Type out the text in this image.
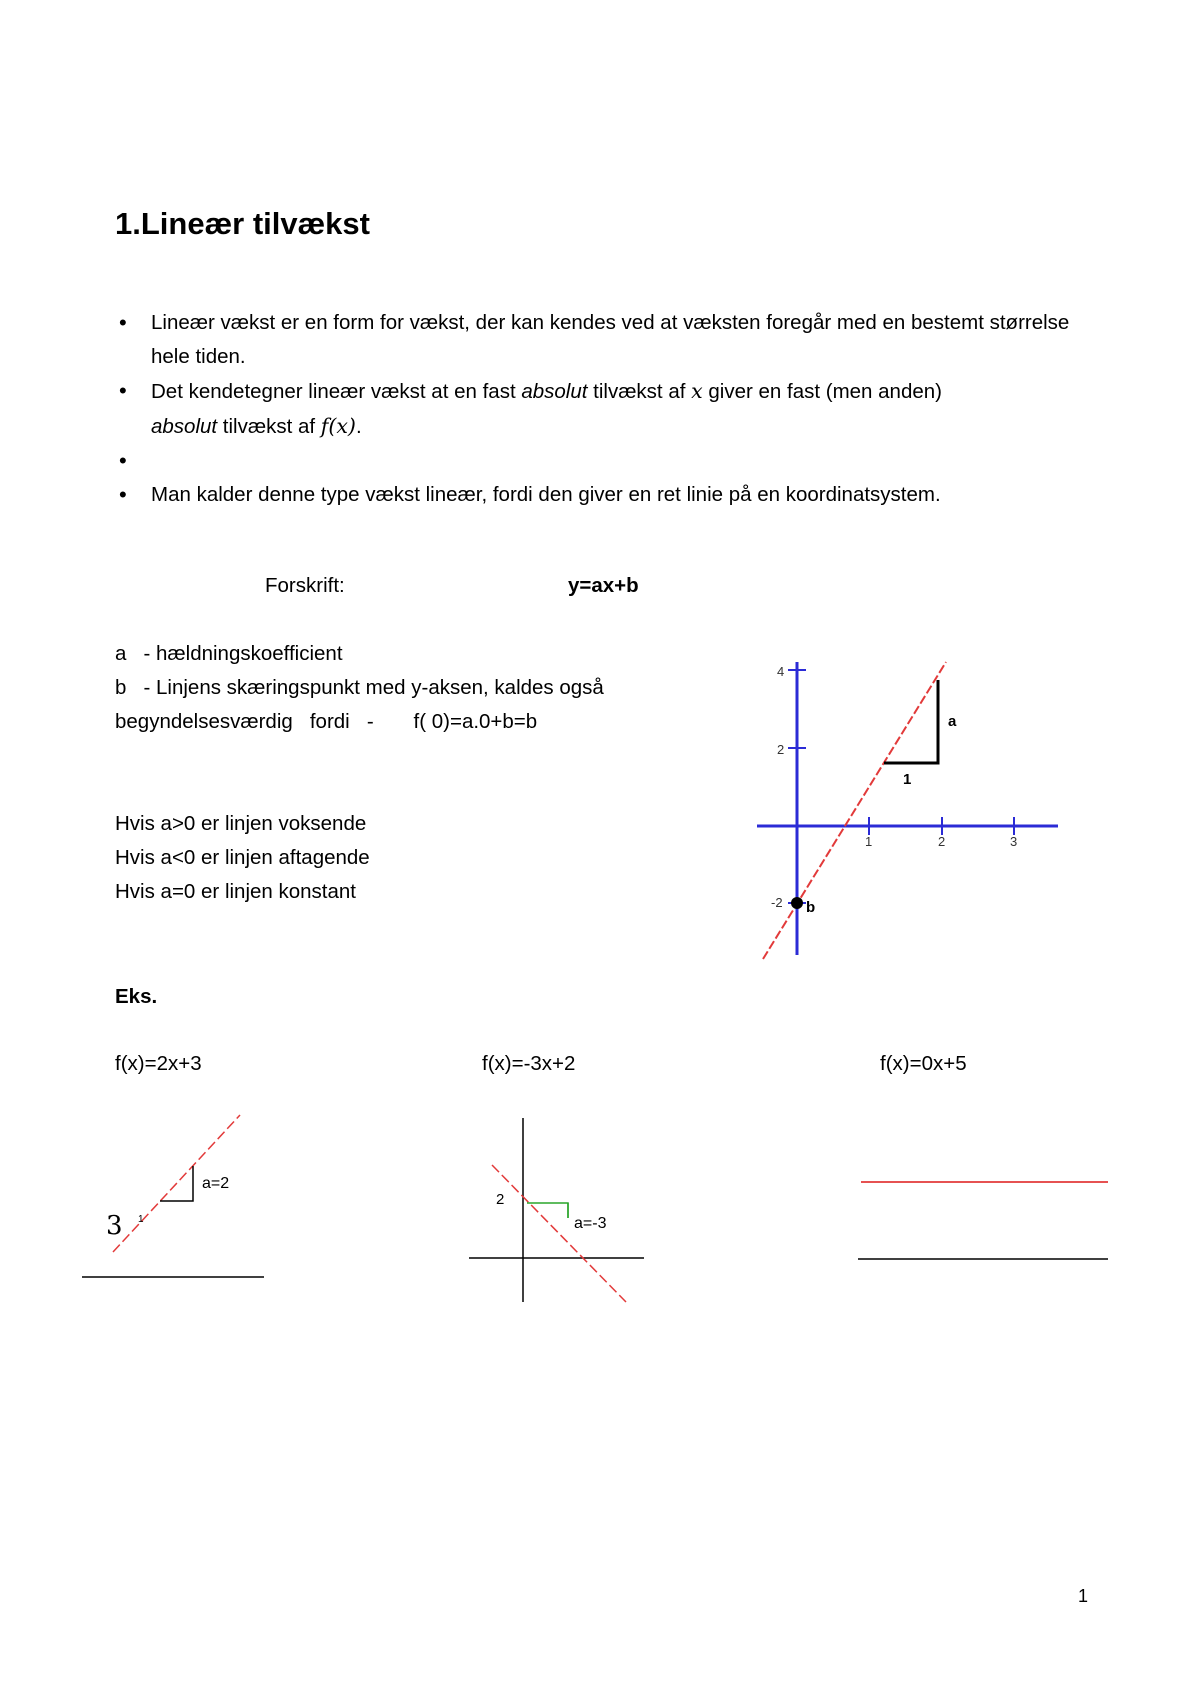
1.Lineær tilvækst
• Lineær vækst er en form for vækst, der kan kendes ved at væksten foregår med en bestemt størrelse hele tiden.
• Det kendetegner lineær vækst at en fast absolut tilvækst af x giver en fast (men anden)
absolut tilvækst af f(x).
•
• Man kalder denne type vækst lineær, fordi den giver en ret linie på en koordinatsystem.
Forskrift:	y=ax+b
a   - hældningskoefficient
b   - Linjens skæringspunkt med y-aksen, kaldes også
begyndelsesværdig   fordi   -       f( 0)=a.0+b=b
Hvis a>0 er linjen voksende
Hvis a<0 er linjen aftagende
Hvis a=0 er linjen konstant
Eks.
f(x)=2x+3	f(x)=-3x+2	f(x)=0x+5
4
2
-2
1	2	3
a
1
b
a=2
3 1
2
a=-3
1
